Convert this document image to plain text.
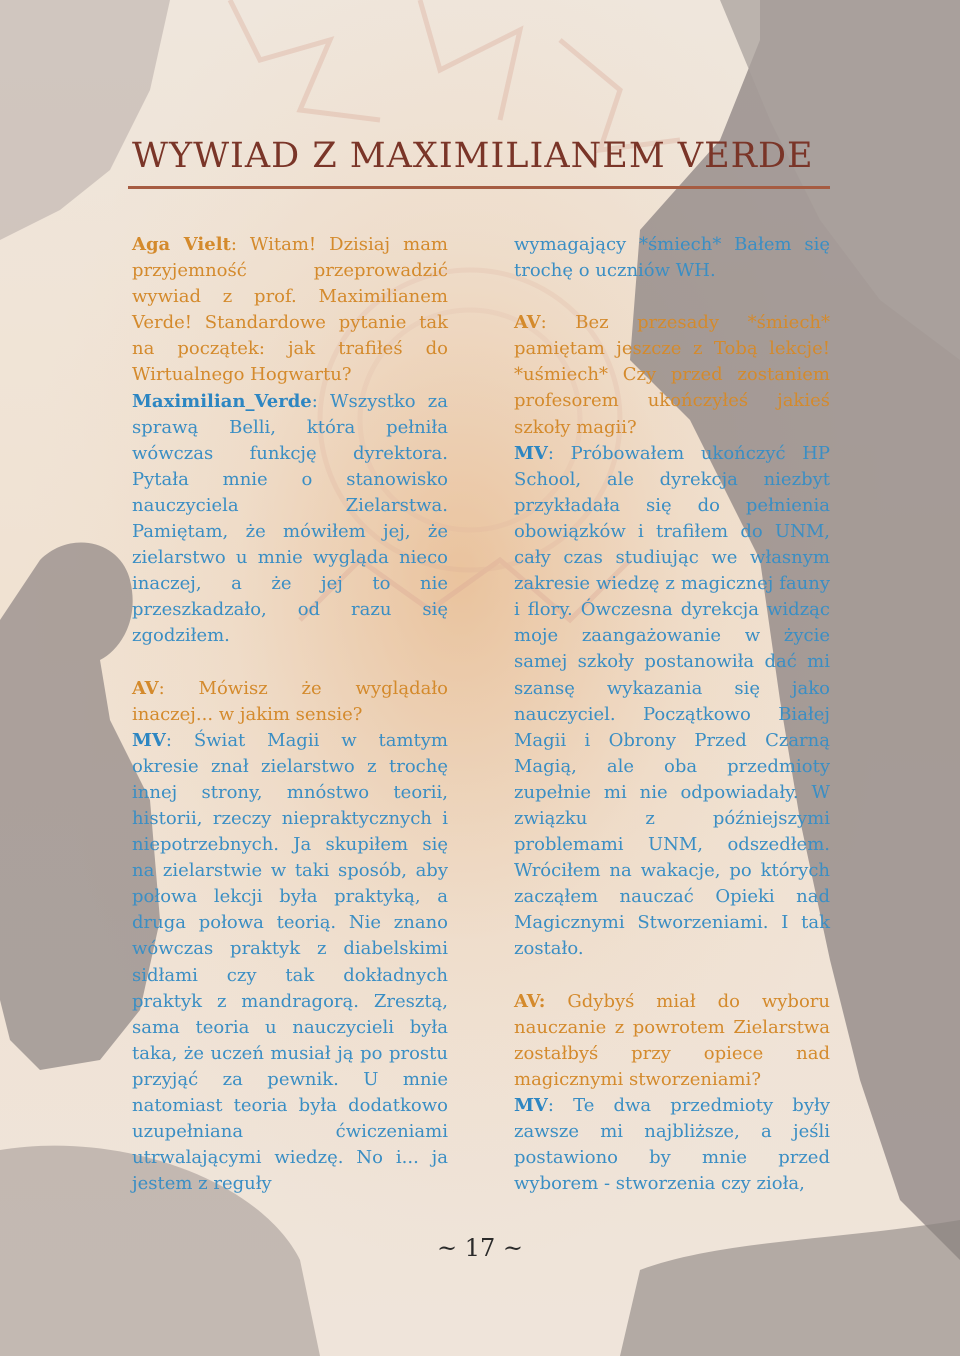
WYWIAD Z MAXIMILIANEM VERDE

Aga Vielt: Witam! Dzisiaj mam przyjemność przeprowadzić wywiad z prof. Maximilianem Verde! Standardowe pytanie tak na początek: jak trafiłeś do Wirtualnego Hogwartu?

Maximilian_Verde: Wszystko za sprawą Belli, która pełniła wówczas funkcję dyrektora. Pytała mnie o stanowisko nauczyciela Zielarstwa. Pamiętam, że mówiłem jej, że zielarstwo u mnie wygląda nieco inaczej, a że jej to nie przeszkadzało, od razu się zgodziłem.

AV: Mówisz że wyglądało inaczej... w jakim sensie?

MV: Świat Magii w tamtym okresie znał zielarstwo z trochę innej strony, mnóstwo teorii, historii, rzeczy niepraktycznych i niepotrzebnych. Ja skupiłem się na zielarstwie w taki sposób, aby połowa lekcji była praktyką, a druga połowa teorią. Nie znano wówczas praktyk z diabelskimi sidłami czy tak dokładnych praktyk z mandragorą. Zresztą, sama teoria u nauczycieli była taka, że uczeń musiał ją po prostu przyjąć za pewnik. U mnie natomiast teoria była dodatkowo uzupełniana ćwiczeniami utrwalającymi wiedzę. No i... ja jestem z reguły

wymagający *śmiech* Bałem się trochę o uczniów WH.

AV: Bez przesady *śmiech* pamiętam jeszcze z Tobą lekcje! *uśmiech* Czy przed zostaniem profesorem ukończyłeś jakieś szkoły magii?

MV: Próbowałem ukończyć HP School, ale dyrekcja niezbyt przykładała się do pełnienia obowiązków i trafiłem do UNM, cały czas studiując we własnym zakresie wiedzę z magicznej fauny i flory. Ówczesna dyrekcja widząc moje zaangażowanie w życie samej szkoły postanowiła dać mi szansę wykazania się jako nauczyciel. Początkowo Białej Magii i Obrony Przed Czarną Magią, ale oba przedmioty zupełnie mi nie odpowiadały. W związku z późniejszymi problemami UNM, odszedłem. Wróciłem na wakacje, po których zacząłem nauczać Opieki nad Magicznymi Stworzeniami. I tak zostało.

AV: Gdybyś miał do wyboru nauczanie z powrotem Zielarstwa zostałbyś przy opiece nad magicznymi stworzeniami?

MV: Te dwa przedmioty były zawsze mi najbliższe, a jeśli postawiono by mnie przed wyborem - stworzenia czy zioła,

~ 17 ~
